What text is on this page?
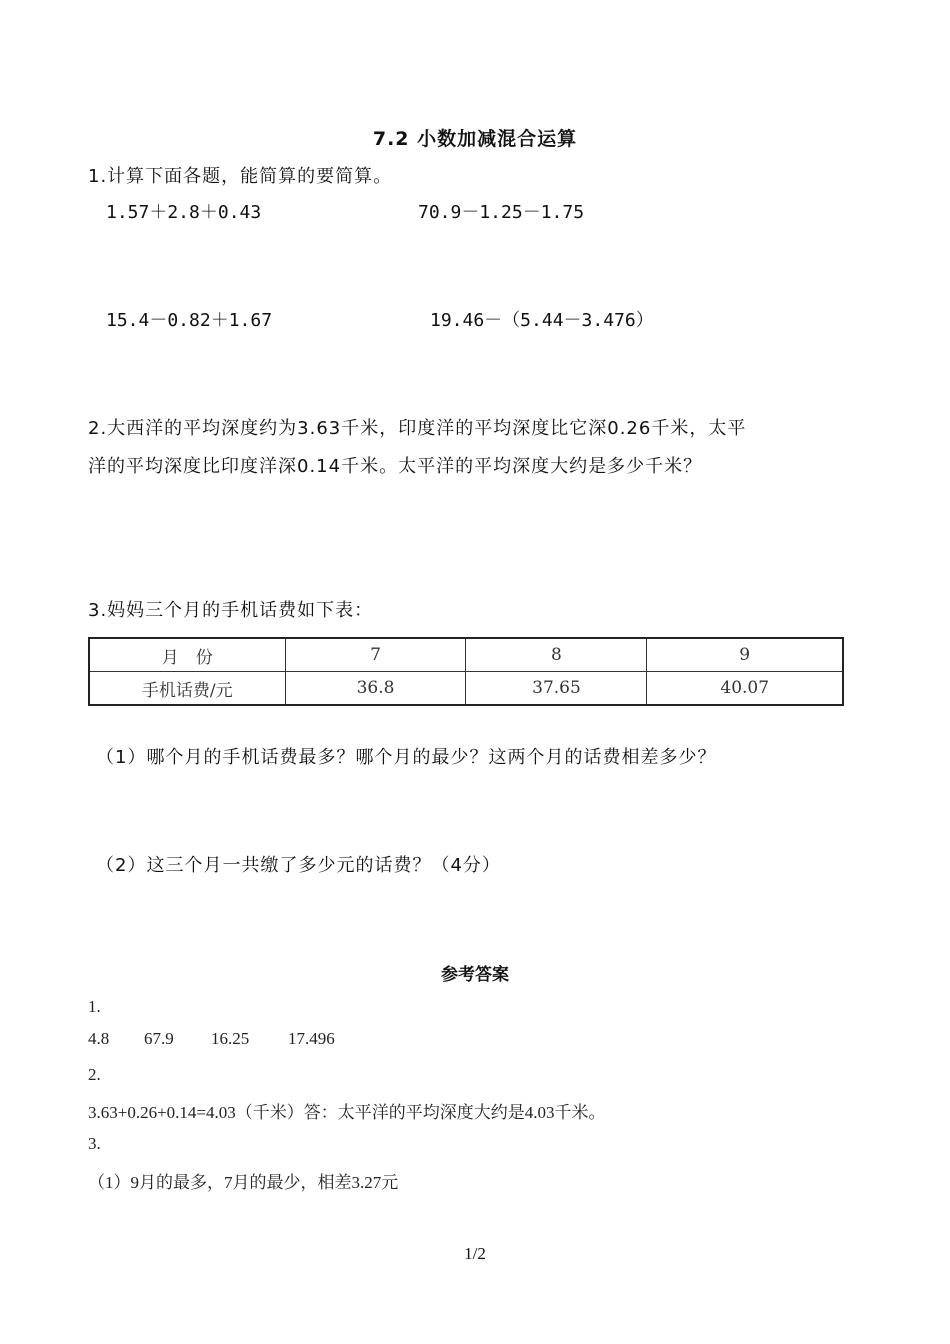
7.2 小数加减混合运算
1.计算下面各题，能简算的要简算。
1.57＋2.8＋0.43	70.9－1.25－1.75
15.4－0.82＋1.67	19.46－（5.44－3.476）
2.大西洋的平均深度约为3.63千米，印度洋的平均深度比它深0.26千米，太平
洋的平均深度比印度洋深0.14千米。太平洋的平均深度大约是多少千米？
3.妈妈三个月的手机话费如下表：
月　份	7	8	9
手机话费/元	36.8	37.65	40.07
（1）哪个月的手机话费最多？哪个月的最少？这两个月的话费相差多少？
（2）这三个月一共缴了多少元的话费？（4分）
参考答案
1.
4.8 67.9 16.25 17.496
2.
3.63+0.26+0.14=4.03（千米）答：太平洋的平均深度大约是4.03千米。
3.
（1）9月的最多，7月的最少，相差3.27元
1/2
